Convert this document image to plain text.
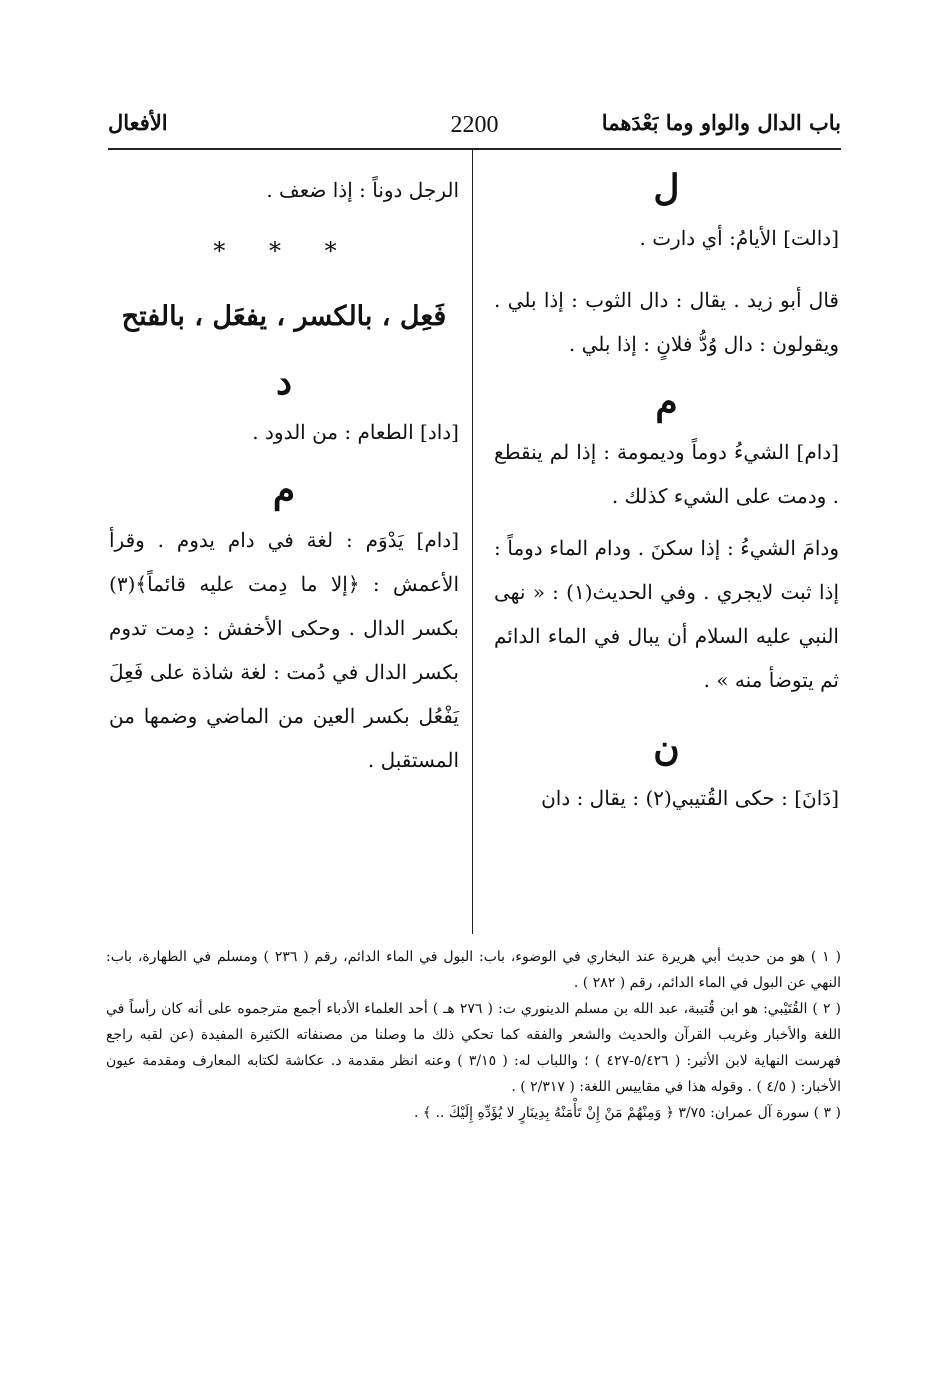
باب الدال والواو وما بَعْدَهما
2200
الأفعال
ل

[دالت] الأيامُ: أي دارت .

قال أبو زيد . يقال : دال الثوب : إذا بلي . ويقولون : دال وُدُّ فلانٍ : إذا بلي .

م

[دام] الشيءُ دوماً وديمومة : إذا لم ينقطع . ودمت على الشيء كذلك .

ودامَ الشيءُ : إذا سكنَ . ودام الماء دوماً : إذا ثبت لايجري . وفي الحديث(١) : « نهى النبي عليه السلام أن يبال في الماء الدائم ثم يتوضأ منه » .

ن

[دَانَ] : حكى القُتيبي(٢) : يقال : دان

الرجل دوناً : إذا ضعف .

* * *
فَعِل ، بالكسر ، يفعَل ، بالفتح
د

[داد] الطعام : من الدود .

م

[دام] يَدْوَم : لغة في دام يدوم . وقرأ الأعمش : ﴿إلا ما دِمت عليه قائماً﴾(٣) بكسر الدال . وحكى الأخفش : دِمت تدوم بكسر الدال في دُمت : لغة شاذة على فَعِلَ يَفْعُل بكسر العين من الماضي وضمها من المستقبل .

( ١ ) هو من حديث أبي هريرة عند البخاري في الوضوء، باب: البول في الماء الدائم، رقم ( ٢٣٦ ) ومسلم في الطهارة، باب: النهي عن البول في الماء الدائم، رقم ( ٢٨٢ ) .

( ٢ ) القُتَيْبي: هو ابن قُتيبة، عبد الله بن مسلم الدينوري ت: ( ٢٧٦ هـ ) أحد العلماء الأدباء أجمع مترجموه على أنه كان رأساً في اللغة والأخبار وغريب القرآن والحديث والشعر والفقه كما تحكي ذلك ما وصلنا من مصنفاته الكثيرة المفيدة (عن لقبه راجع فهرست النهاية لابن الأثير: ( ٥/٤٢٦-٤٢٧ ) ؛ واللباب له: ( ٣/١٥ ) وعنه انظر مقدمة د. عكاشة لكتابه المعارف ومقدمة عيون الأخبار: ( ٤/٥ ) . وقوله هذا في مقاييس اللغة: ( ٢/٣١٧ ) .

( ٣ ) سورة آل عمران: ٣/٧٥ ﴿ وَمِنْهُمْ مَنْ إِنْ تَأْمَنْهُ بِدِينَارٍ لا يُؤَدِّهِ إِلَيْكَ .. ﴾ .
